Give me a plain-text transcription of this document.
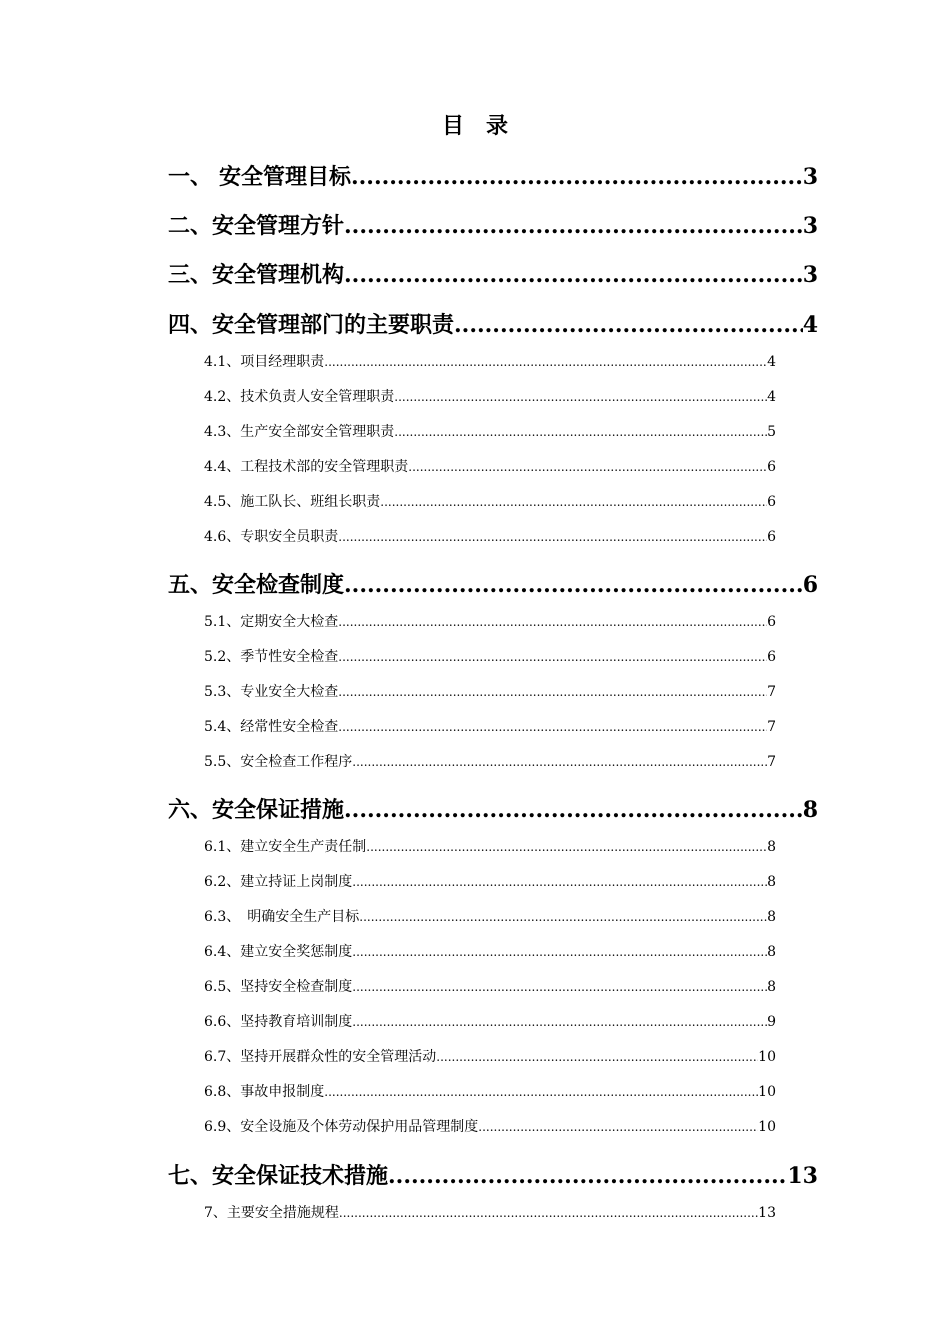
目　录
一、 安全管理目标 .....	3
二、安全管理方针 .....	3
三、安全管理机构 .....	3
四、安全管理部门的主要职责 .....	4
4.1、项目经理职责 .....	4
4.2、技术负责人安全管理职责 .....	4
4.3、生产安全部安全管理职责 .....	5
4.4、工程技术部的安全管理职责 .....	6
4.5、施工队长、班组长职责 .....	6
4.6、专职安全员职责 .....	6
五、安全检查制度 .....	6
5.1、定期安全大检查 .....	6
5.2、季节性安全检查 .....	6
5.3、专业安全大检查 .....	7
5.4、经常性安全检查 .....	7
5.5、安全检查工作程序 .....	7
六、安全保证措施 .....	8
6.1、建立安全生产责任制 .....	8
6.2、建立持证上岗制度 .....	8
6.3、　明确安全生产目标 .....	8
6.4、建立安全奖惩制度 .....	8
6.5、坚持安全检查制度 .....	8
6.6、坚持教育培训制度 .....	9
6.7、坚持开展群众性的安全管理活动 .....	10
6.8、事故申报制度 .....	10
6.9、安全设施及个体劳动保护用品管理制度 .....	10
七、安全保证技术措施 .....	13
7、主要安全措施规程 .....	13
